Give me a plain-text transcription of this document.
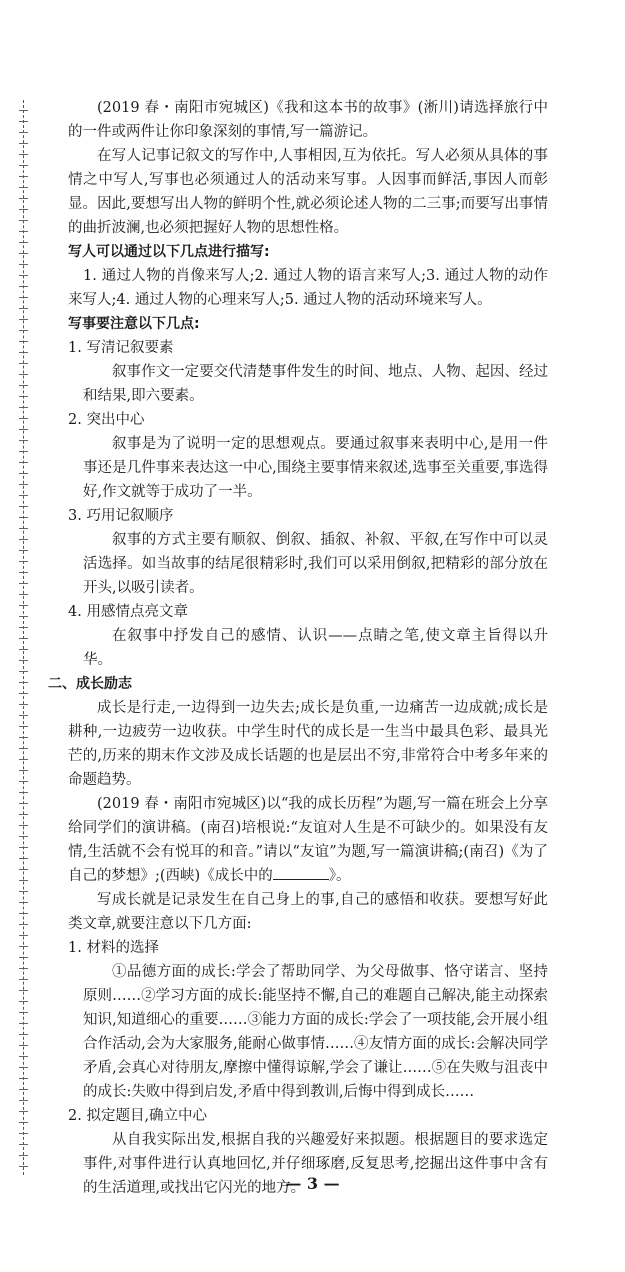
(2019 春・南阳市宛城区)《我和这本书的故事》(淅川)请选择旅行中的一件或两件让你印象深刻的事情,写一篇游记。

在写人记事记叙文的写作中,人事相因,互为依托。写人必须从具体的事情之中写人,写事也必须通过人的活动来写事。人因事而鲜活,事因人而彰显。因此,要想写出人物的鲜明个性,就必须论述人物的二三事;而要写出事情的曲折波澜,也必须把握好人物的思想性格。

写人可以通过以下几点进行描写:

1. 通过人物的肖像来写人;2. 通过人物的语言来写人;3. 通过人物的动作来写人;4. 通过人物的心理来写人;5. 通过人物的活动环境来写人。

写事要注意以下几点:

1. 写清记叙要素

叙事作文一定要交代清楚事件发生的时间、地点、人物、起因、经过和结果,即六要素。

2. 突出中心

叙事是为了说明一定的思想观点。要通过叙事来表明中心,是用一件事还是几件事来表达这一中心,围绕主要事情来叙述,选事至关重要,事选得好,作文就等于成功了一半。

3. 巧用记叙顺序

叙事的方式主要有顺叙、倒叙、插叙、补叙、平叙,在写作中可以灵活选择。如当故事的结尾很精彩时,我们可以采用倒叙,把精彩的部分放在开头,以吸引读者。

4. 用感情点亮文章

在叙事中抒发自己的感情、认识——点睛之笔,使文章主旨得以升华。

二、成长励志

成长是行走,一边得到一边失去;成长是负重,一边痛苦一边成就;成长是耕种,一边疲劳一边收获。中学生时代的成长是一生当中最具色彩、最具光芒的,历来的期末作文涉及成长话题的也是层出不穷,非常符合中考多年来的命题趋势。

(2019 春・南阳市宛城区)以“我的成长历程”为题,写一篇在班会上分享给同学们的演讲稿。(南召)培根说:“友谊对人生是不可缺少的。如果没有友情,生活就不会有悦耳的和音。”请以“友谊”为题,写一篇演讲稿;(南召)《为了自己的梦想》;(西峡)《成长中的	》。

写成长就是记录发生在自己身上的事,自己的感悟和收获。要想写好此类文章,就要注意以下几方面:

1. 材料的选择

①品德方面的成长:学会了帮助同学、为父母做事、恪守诺言、坚持原则……②学习方面的成长:能坚持不懈,自己的难题自己解决,能主动探索知识,知道细心的重要……③能力方面的成长:学会了一项技能,会开展小组合作活动,会为大家服务,能耐心做事情……④友情方面的成长:会解决同学矛盾,会真心对待朋友,摩擦中懂得谅解,学会了谦让……⑤在失败与沮丧中的成长:失败中得到启发,矛盾中得到教训,后悔中得到成长……

2. 拟定题目,确立中心

从自我实际出发,根据自我的兴趣爱好来拟题。根据题目的要求选定事件,对事件进行认真地回忆,并仔细琢磨,反复思考,挖掘出这件事中含有的生活道理,或找出它闪光的地方。

— 3 —
